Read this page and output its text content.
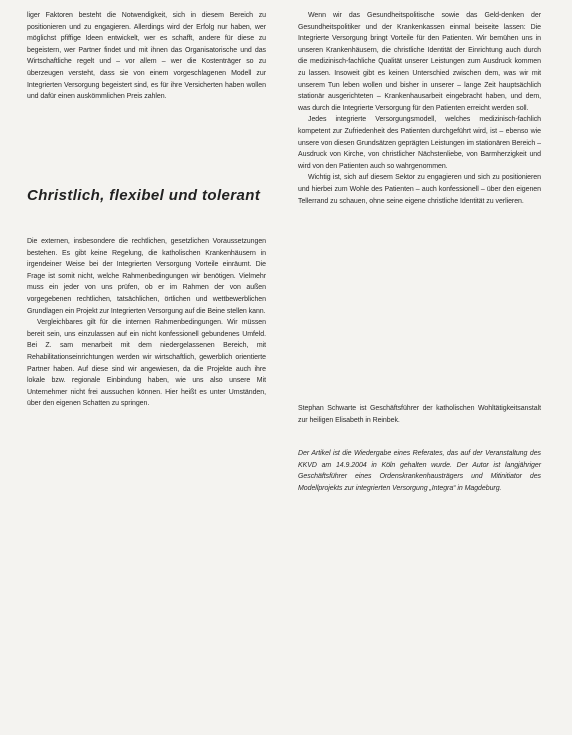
liger Faktoren besteht die Notwendigkeit, sich in diesem Bereich zu positionieren und zu engagieren. Allerdings wird der Erfolg nur haben, wer möglichst pfiffige Ideen entwickelt, wer es schafft, andere für diese zu begeistern, wer Partner findet und mit ihnen das Organisatorische und das Wirtschaftliche regelt und – vor allem – wer die Kostenträger so zu überzeugen versteht, dass sie von einem vorgeschlagenen Modell zur Integrierten Versorgung begeistert sind, es für ihre Versicherten haben wollen und dafür einen auskömmlichen Preis zahlen.

Christlich, flexibel und tolerant

Die externen, insbesondere die rechtlichen, gesetzlichen Voraussetzungen bestehen. Es gibt keine Regelung, die katholischen Krankenhäusern in irgendeiner Weise bei der Integrierten Versorgung Vorteile einräumt. Die Frage ist somit nicht, welche Rahmenbedingungen wir benötigen. Vielmehr muss ein jeder von uns prüfen, ob er im Rahmen der von außen vorgegebenen rechtlichen, tatsächlichen, örtlichen und wettbewerblichen Grundlagen ein Projekt zur Integrierten Versorgung auf die Beine stellen kann.

Vergleichbares gilt für die internen Rahmenbedingungen. Wir müssen bereit sein, uns einzulassen auf ein nicht konfessionell gebundenes Umfeld. Bei Z. sam menarbeit mit dem niedergelassenen Bereich, mit Rehabilitationseinrichtungen werden wir wirtschaftlich, gewerblich orientierte Partner haben. Auf diese sind wir angewiesen, da die Projekte auch ihre lokale bzw. regionale Einbindung haben, wie uns also unsere Mit Unternehmer nicht frei aussuchen können. Hier heißt es unter Umständen, über den eigenen Schatten zu springen.

Wenn wir das Gesundheitspolitische sowie das Geld-denken der Gesundheitspolitiker und der Krankenkassen einmal beiseite lassen: Die Integrierte Versorgung bringt Vorteile für den Patienten. Wir bemühen uns in unseren Krankenhäusern, die christliche Identität der Einrichtung auch durch die medizinisch-fachliche Qualität unserer Leistungen zum Ausdruck kommen zu lassen. Insoweit gibt es keinen Unterschied zwischen dem, was wir mit unserem Tun leben wollen und bisher in unserer – lange Zeit hauptsächlich stationär ausgerichteten – Krankenhausarbeit eingebracht haben, und dem, was durch die Integrierte Versorgung für den Patienten erreicht werden soll.

Jedes integrierte Versorgungsmodell, welches medizinisch-fachlich kompetent zur Zufriedenheit des Patienten durchgeführt wird, ist – ebenso wie unsere von diesen Grundsätzen geprägten Leistungen im stationären Bereich – Ausdruck von Kirche, von christlicher Nächstenliebe, von Barmherzigkeit und wird von den Patienten auch so wahrgenommen.

Wichtig ist, sich auf diesem Sektor zu engagieren und sich zu positionieren und hierbei zum Wohle des Patienten – auch konfessionell – über den eigenen Tellerrand zu schauen, ohne seine eigene christliche Identität zu verlieren.

Stephan Schwarte ist Geschäftsführer der katholischen Wohltätigkeitsanstalt zur heiligen Elisabeth in Reinbek.

Der Artikel ist die Wiedergabe eines Referates, das auf der Veranstaltung des KKVD am 14.9.2004 in Köln gehalten wurde. Der Autor ist langjähriger Geschäftsführer eines Ordenskrankenhausträgers und Mitinitiator des Modellprojekts zur integrierten Versorgung „Integra“ in Magdeburg.
